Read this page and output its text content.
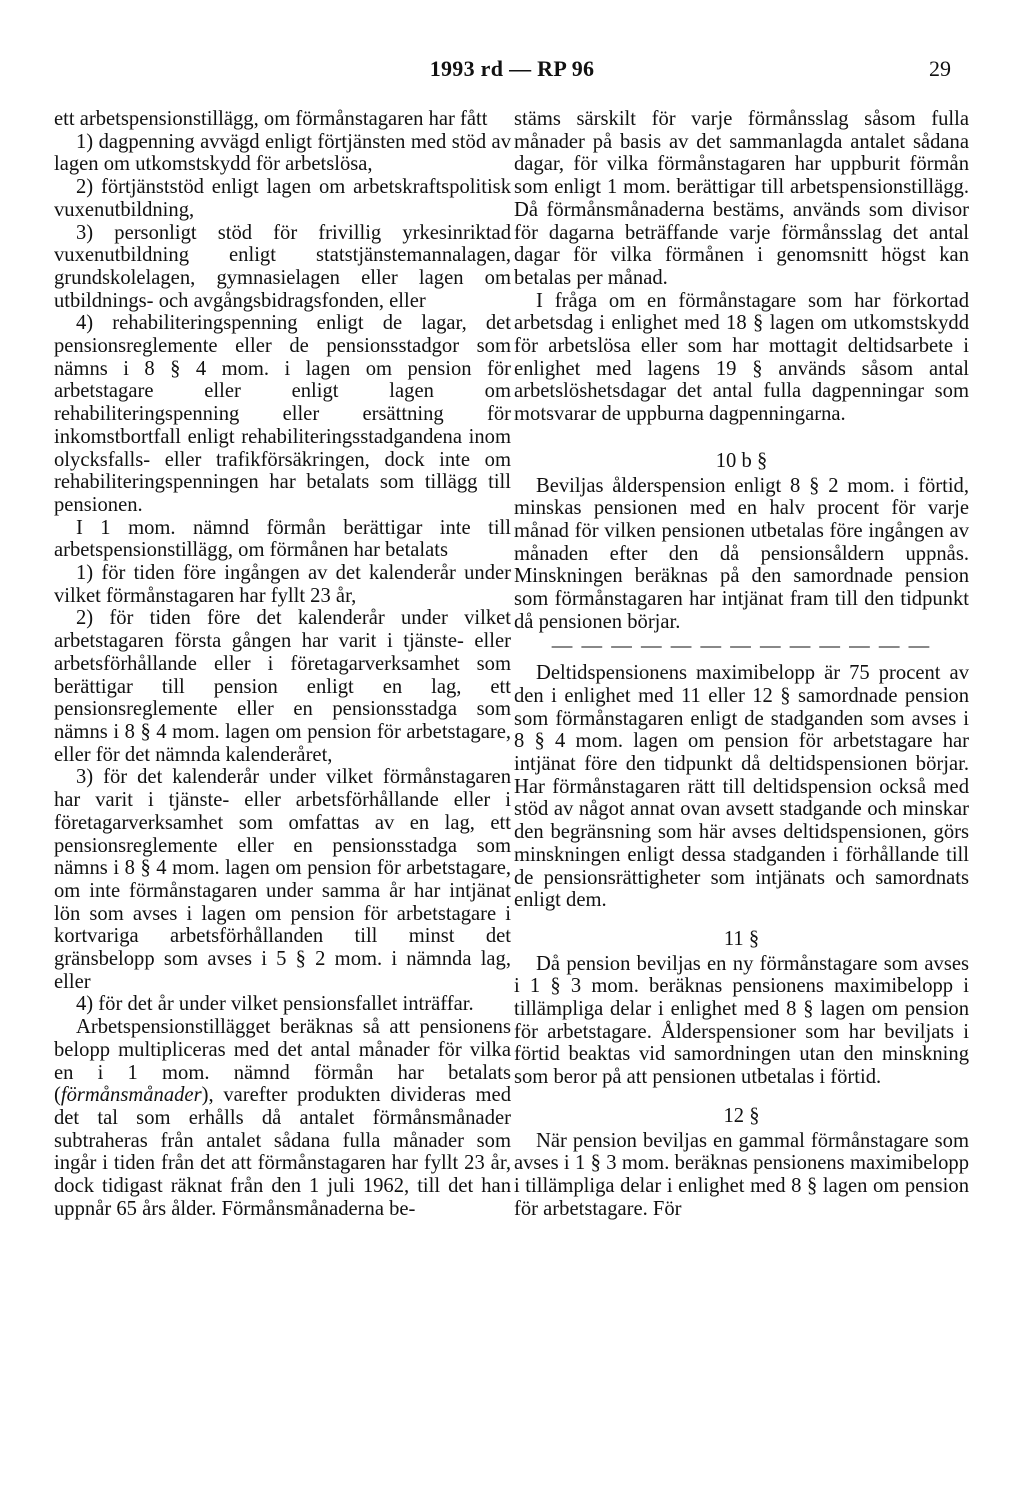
1993 rd — RP 96	29

ett arbetspensionstillägg, om förmånstagaren har fått

1) dagpenning avvägd enligt förtjänsten med stöd av lagen om utkomstskydd för arbetslösa,

2) förtjänststöd enligt lagen om arbetskraftspolitisk vuxenutbildning,

3) personligt stöd för frivillig yrkesinriktad vuxenutbildning enligt statstjänstemannalagen, grundskolelagen, gymnasielagen eller lagen om utbildnings- och avgångsbidragsfonden, eller

4) rehabiliteringspenning enligt de lagar, det pensionsreglemente eller de pensionsstadgor som nämns i 8 § 4 mom. i lagen om pension för arbetstagare eller enligt lagen om rehabiliteringspenning eller ersättning för inkomstbortfall enligt rehabiliteringsstadgandena inom olycksfalls- eller trafikförsäkringen, dock inte om rehabiliteringspenningen har betalats som tillägg till pensionen.

I 1 mom. nämnd förmån berättigar inte till arbetspensionstillägg, om förmånen har betalats

1) för tiden före ingången av det kalenderår under vilket förmånstagaren har fyllt 23 år,

2) för tiden före det kalenderår under vilket arbetstagaren första gången har varit i tjänste- eller arbetsförhållande eller i företagarverksamhet som berättigar till pension enligt en lag, ett pensionsreglemente eller en pensionsstadga som nämns i 8 § 4 mom. lagen om pension för arbetstagare, eller för det nämnda kalenderåret,

3) för det kalenderår under vilket förmånstagaren har varit i tjänste- eller arbetsförhållande eller i företagarverksamhet som omfattas av en lag, ett pensionsreglemente eller en pensionsstadga som nämns i 8 § 4 mom. lagen om pension för arbetstagare, om inte förmånstagaren under samma år har intjänat lön som avses i lagen om pension för arbetstagare i kortvariga arbetsförhållanden till minst det gränsbelopp som avses i 5 § 2 mom. i nämnda lag, eller

4) för det år under vilket pensionsfallet inträffar.

Arbetspensionstillägget beräknas så att pensionens belopp multipliceras med det antal månader för vilka en i 1 mom. nämnd förmån har betalats (förmånsmånader), varefter produkten divideras med det tal som erhålls då antalet förmånsmånader subtraheras från antalet sådana fulla månader som ingår i tiden från det att förmånstagaren har fyllt 23 år, dock tidigast räknat från den 1 juli 1962, till det han uppnår 65 års ålder. Förmånsmånaderna be-

stäms särskilt för varje förmånsslag såsom fulla månader på basis av det sammanlagda antalet sådana dagar, för vilka förmånstagaren har uppburit förmån som enligt 1 mom. berättigar till arbetspensionstillägg. Då förmånsmånaderna bestäms, används som divisor för dagarna beträffande varje förmånsslag det antal dagar för vilka förmånen i genomsnitt högst kan betalas per månad.

I fråga om en förmånstagare som har förkortad arbetsdag i enlighet med 18 § lagen om utkomstskydd för arbetslösa eller som har mottagit deltidsarbete i enlighet med lagens 19 § används såsom antal arbetslöshetsdagar det antal fulla dagpenningar som motsvarar de uppburna dagpenningarna.

10 b §

Beviljas ålderspension enligt 8 § 2 mom. i förtid, minskas pensionen med en halv procent för varje månad för vilken pensionen utbetalas före ingången av månaden efter den då pensionsåldern uppnås. Minskningen beräknas på den samordnade pension som förmånstagaren har intjänat fram till den tidpunkt då pensionen börjar.

— — — — — — — — — — — — —

Deltidspensionens maximibelopp är 75 procent av den i enlighet med 11 eller 12 § samordnade pension som förmånstagaren enligt de stadganden som avses i 8 § 4 mom. lagen om pension för arbetstagare har intjänat före den tidpunkt då deltidspensionen börjar. Har förmånstagaren rätt till deltidspension också med stöd av något annat ovan avsett stadgande och minskar den begränsning som här avses deltidspensionen, görs minskningen enligt dessa stadganden i förhållande till de pensionsrättigheter som intjänats och samordnats enligt dem.

11 §

Då pension beviljas en ny förmånstagare som avses i 1 § 3 mom. beräknas pensionens maximibelopp i tillämpliga delar i enlighet med 8 § lagen om pension för arbetstagare. Ålderspensioner som har beviljats i förtid beaktas vid samordningen utan den minskning som beror på att pensionen utbetalas i förtid.

12 §

När pension beviljas en gammal förmånstagare som avses i 1 § 3 mom. beräknas pensionens maximibelopp i tillämpliga delar i enlighet med 8 § lagen om pension för arbetstagare. För
